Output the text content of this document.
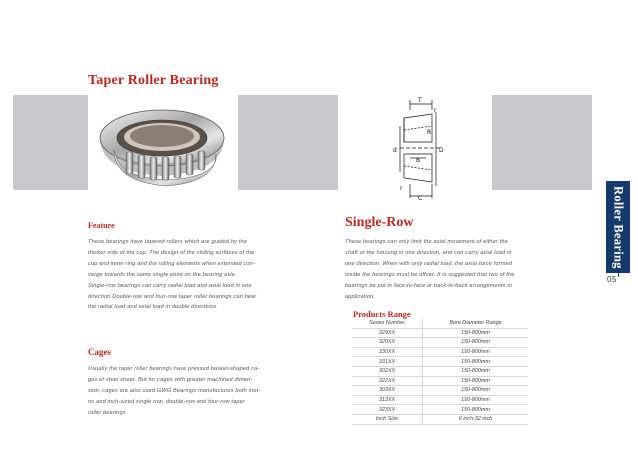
Taper Roller Bearing
T
r
R
d
B
D
r
C	Roller Bearing
05
Feature
These bearings have tapered rollers which are guided by the
thicker side of the cup. The design of the sliding surfaces of the
cup and inner ring and the rolling elements when extended con-
verge towards the same single point on the bearing axle.
Single-row bearings can carry radial load and axial load in one
direction.Double-row and four-row taper roller bearings can bear
the radial load and axial load in double directions.
Cages
Usually the taper roller bearings have pressed basket-shaped ca-
ges of steel sheet. But for cages with greater machined dimen-
sion, cages are also used.GWG Bearings manufactures both met-
ric and inch-sized single row, double-row and four-row taper
roller bearings
Single-Row
These bearings can only limit the axial movement of either the
shaft or the housing in one direction, and can carry axial load in
one direction. When with only radial load, the axial force formed
inside the bearings must be offset. It is suggested that two of the
bearings be put in face-to-face or back-to-back arrangements in
application.
Products Range
Series Number	Bore Diameter Range
329XX	150-800mm
320XX	150-800mm
330XX	150-800mm
331XX	150-800mm
302XX	150-800mm
322XX	150-800mm
303XX	150-800mm
313XX	150-800mm
323XX	150-800mm
Inch Size	6 inch-32 inch
